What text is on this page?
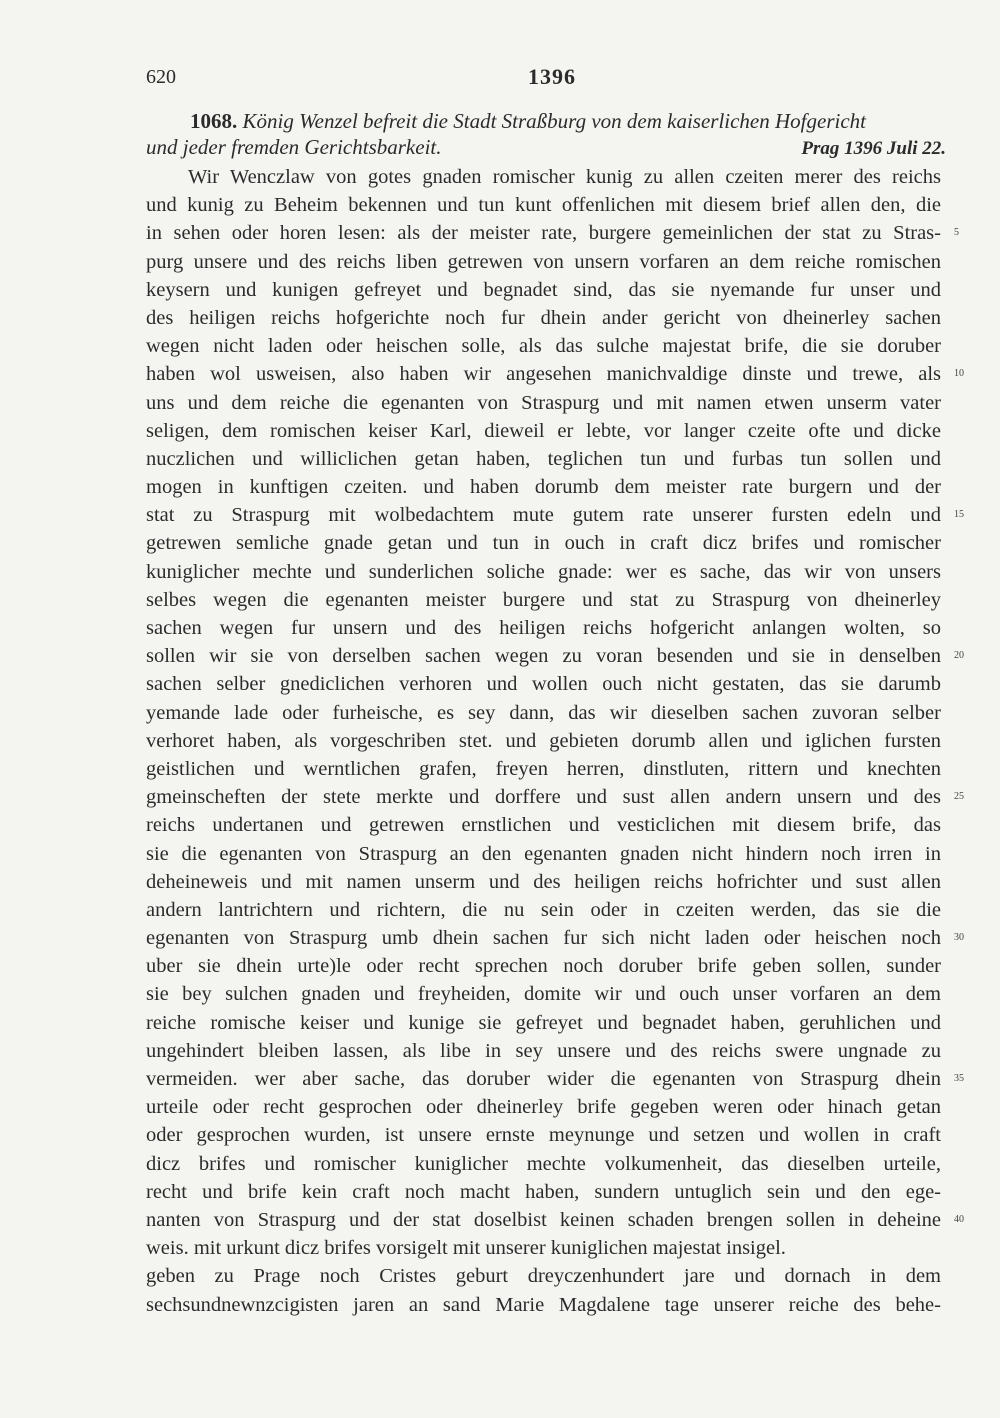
620	1396
1068. König Wenzel befreit die Stadt Straßburg von dem kaiserlichen Hofgericht
und jeder fremden Gerichtsbarkeit.	Prag 1396 Juli 22.
Wir Wenczlaw von gotes gnaden romischer kunig zu allen czeiten merer des reichs
und kunig zu Beheim bekennen und tun kunt offenlichen mit diesem brief allen den, die
in sehen oder horen lesen: als der meister rate, burgere gemeinlichen der stat zu Stras- 5
purg unsere und des reichs liben getrewen von unsern vorfaren an dem reiche romischen
keysern und kunigen gefreyet und begnadet sind, das sie nyemande fur unser und
des heiligen reichs hofgerichte noch fur dhein ander gericht von dheinerley sachen
wegen nicht laden oder heischen solle, als das sulche majestat brife, die sie doruber
haben wol usweisen, also haben wir angesehen manichvaldige dinste und trewe, als 10
uns und dem reiche die egenanten von Straspurg und mit namen etwen unserm vater
seligen, dem romischen keiser Karl, dieweil er lebte, vor langer czeite ofte und dicke
nuczlichen und williclichen getan haben, teglichen tun und furbas tun sollen und
mogen in kunftigen czeiten. und haben dorumb dem meister rate burgern und der
stat zu Straspurg mit wolbedachtem mute gutem rate unserer fursten edeln und 15
getrewen semliche gnade getan und tun in ouch in craft dicz brifes und romischer
kuniglicher mechte und sunderlichen soliche gnade: wer es sache, das wir von unsers
selbes wegen die egenanten meister burgere und stat zu Straspurg von dheinerley
sachen wegen fur unsern und des heiligen reichs hofgericht anlangen wolten, so
sollen wir sie von derselben sachen wegen zu voran besenden und sie in denselben 20
sachen selber gnediclichen verhoren und wollen ouch nicht gestaten, das sie darumb
yemande lade oder furheische, es sey dann, das wir dieselben sachen zuvoran selber
verhoret haben, als vorgeschriben stet. und gebieten dorumb allen und iglichen fursten
geistlichen und werntlichen grafen, freyen herren, dinstluten, rittern und knechten
gmeinscheften der stete merkte und dorffere und sust allen andern unsern und des 25
reichs undertanen und getrewen ernstlichen und vesticlichen mit diesem brife, das
sie die egenanten von Straspurg an den egenanten gnaden nicht hindern noch irren in
deheineweis und mit namen unserm und des heiligen reichs hofrichter und sust allen
andern lantrichtern und richtern, die nu sein oder in czeiten werden, das sie die
egenanten von Straspurg umb dhein sachen fur sich nicht laden oder heischen noch 30
uber sie dhein urte)le oder recht sprechen noch doruber brife geben sollen, sunder
sie bey sulchen gnaden und freyheiden, domite wir und ouch unser vorfaren an dem
reiche romische keiser und kunige sie gefreyet und begnadet haben, geruhlichen und
ungehindert bleiben lassen, als libe in sey unsere und des reichs swere ungnade zu
vermeiden. wer aber sache, das doruber wider die egenanten von Straspurg dhein 35
urteile oder recht gesprochen oder dheinerley brife gegeben weren oder hinach getan
oder gesprochen wurden, ist unsere ernste meynunge und setzen und wollen in craft
dicz brifes und romischer kuniglicher mechte volkumenheit, das dieselben urteile,
recht und brife kein craft noch macht haben, sundern untuglich sein und den ege-
nanten von Straspurg und der stat doselbist keinen schaden brengen sollen in deheine 40
weis. mit urkunt dicz brifes vorsigelt mit unserer kuniglichen majestat insigel.
geben zu Prage noch Cristes geburt dreyczenhundert jare und dornach in dem
sechsundnewnzcigisten jaren an sand Marie Magdalene tage unserer reiche des behe-
